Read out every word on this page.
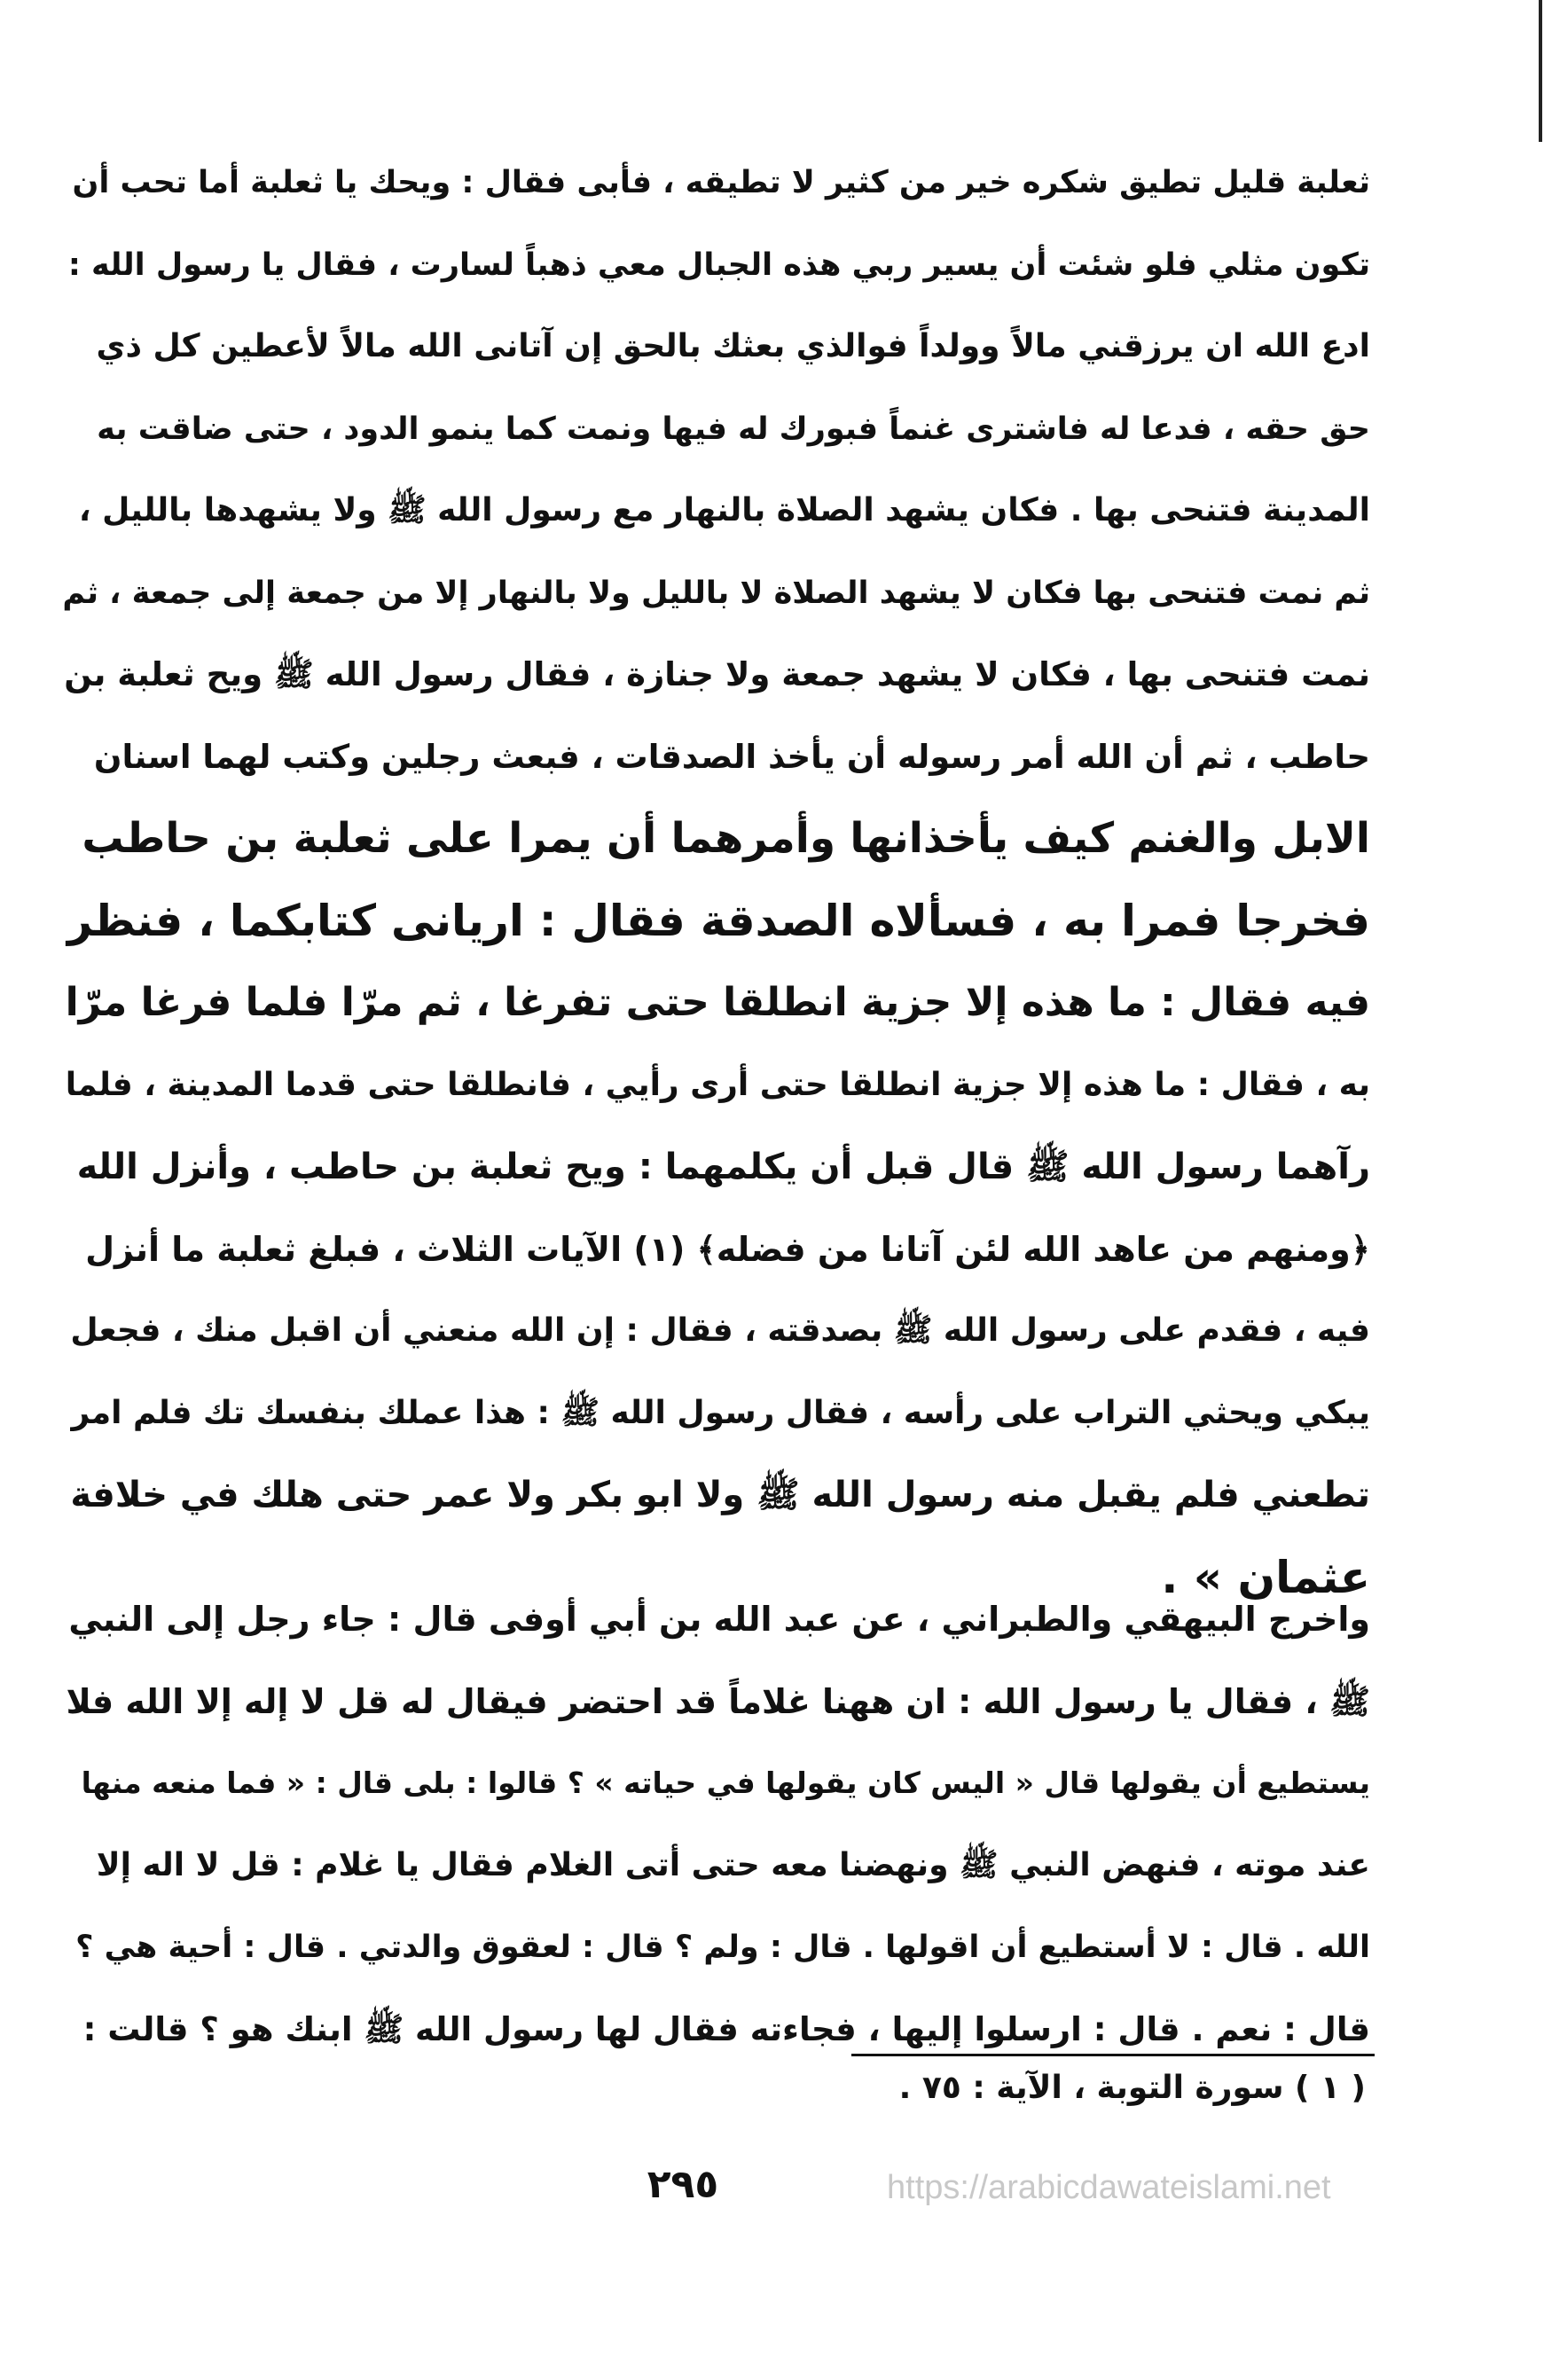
ثعلبة قليل تطيق شكره خير من كثير لا تطيقه ، فأبى فقال : ويحك يا ثعلبة أما تحب أن
تكون مثلي فلو شئت أن يسير ربي هذه الجبال معي ذهباً لسارت ، فقال يا رسول الله :
ادع الله ان يرزقني مالاً وولداً فوالذي بعثك بالحق إن آتانى الله مالاً لأعطين كل ذي
حق حقه ، فدعا له فاشترى غنماً فبورك له فيها ونمت كما ينمو الدود ، حتى ضاقت به
المدينة فتنحى بها . فكان يشهد الصلاة بالنهار مع رسول الله ﷺ ولا يشهدها بالليل ،
ثم نمت فتنحى بها فكان لا يشهد الصلاة لا بالليل ولا بالنهار إلا من جمعة إلى جمعة ، ثم
نمت فتنحى بها ، فكان لا يشهد جمعة ولا جنازة ، فقال رسول الله ﷺ ويح ثعلبة بن
حاطب ، ثم أن الله أمر رسوله أن يأخذ الصدقات ، فبعث رجلين وكتب لهما اسنان
الابل والغنم كيف يأخذانها وأمرهما أن يمرا على ثعلبة بن حاطب
فخرجا فمرا به ، فسألاه الصدقة فقال : اريانى كتابكما ، فنظر
فيه فقال : ما هذه إلا جزية انطلقا حتى تفرغا ، ثم مرّا فلما فرغا مرّا
به ، فقال : ما هذه إلا جزية انطلقا حتى أرى رأيي ، فانطلقا حتى قدما المدينة ، فلما
رآهما رسول الله ﷺ قال قبل أن يكلمهما : ويح ثعلبة بن حاطب ، وأنزل الله
﴿ومنهم من عاهد الله لئن آتانا من فضله﴾ (١) الآيات الثلاث ، فبلغ ثعلبة ما أنزل
فيه ، فقدم على رسول الله ﷺ بصدقته ، فقال : إن الله منعني أن اقبل منك ، فجعل
يبكي ويحثي التراب على رأسه ، فقال رسول الله ﷺ : هذا عملك بنفسك تك فلم امر
تطعني فلم يقبل منه رسول الله ﷺ ولا ابو بكر ولا عمر حتى هلك في خلافة
عثمان » .
واخرج البيهقي والطبراني ، عن عبد الله بن أبي أوفى قال : جاء رجل إلى النبي
ﷺ ، فقال يا رسول الله : ان ههنا غلاماً قد احتضر فيقال له قل لا إله إلا الله فلا
يستطيع أن يقولها قال « اليس كان يقولها في حياته » ؟ قالوا : بلى قال : « فما منعه منها
عند موته ، فنهض النبي ﷺ ونهضنا معه حتى أتى الغلام فقال يا غلام : قل لا اله إلا
الله . قال : لا أستطيع أن اقولها . قال : ولم ؟ قال : لعقوق والدتي . قال : أحية هي ؟
قال : نعم . قال : ارسلوا إليها ، فجاءته فقال لها رسول الله ﷺ ابنك هو ؟ قالت :

( ١ ) سورة التوبة ، الآية : ٧٥ .

٢٩٥	https://arabicdawateislami.net
